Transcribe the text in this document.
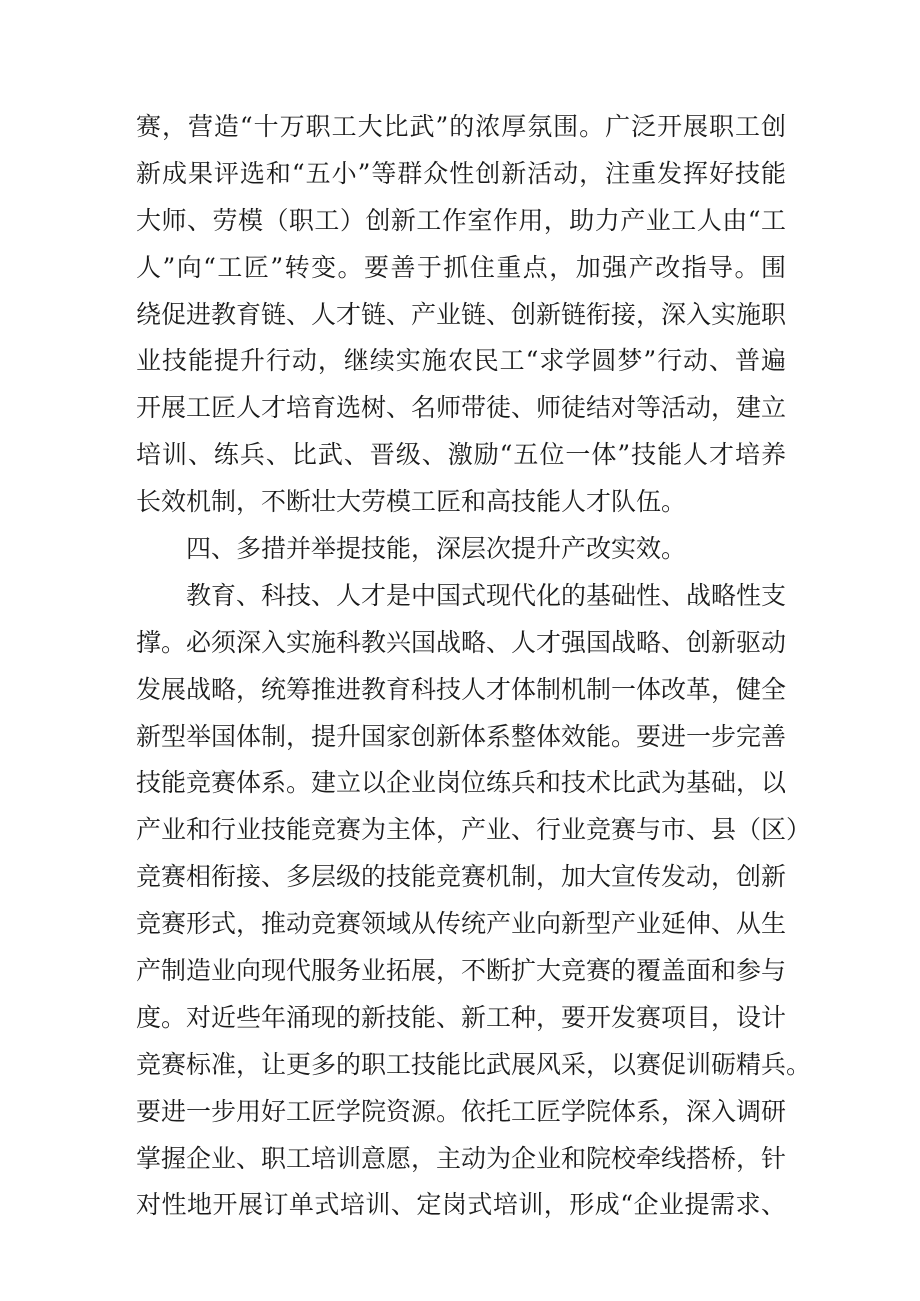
赛，营造“十万职工大比武”的浓厚氛围。广泛开展职工创
新成果评选和“五小”等群众性创新活动，注重发挥好技能
大师、劳模（职工）创新工作室作用，助力产业工人由“工
人”向“工匠”转变。要善于抓住重点，加强产改指导。围
绕促进教育链、人才链、产业链、创新链衔接，深入实施职
业技能提升行动，继续实施农民工“求学圆梦”行动、普遍
开展工匠人才培育选树、名师带徒、师徒结对等活动，建立
培训、练兵、比武、晋级、激励“五位一体”技能人才培养
长效机制，不断壮大劳模工匠和高技能人才队伍。
四、多措并举提技能，深层次提升产改实效。
教育、科技、人才是中国式现代化的基础性、战略性支
撑。必须深入实施科教兴国战略、人才强国战略、创新驱动
发展战略，统筹推进教育科技人才体制机制一体改革，健全
新型举国体制，提升国家创新体系整体效能。要进一步完善
技能竞赛体系。建立以企业岗位练兵和技术比武为基础，以
产业和行业技能竞赛为主体，产业、行业竞赛与市、县（区）
竞赛相衔接、多层级的技能竞赛机制，加大宣传发动，创新
竞赛形式，推动竞赛领域从传统产业向新型产业延伸、从生
产制造业向现代服务业拓展，不断扩大竞赛的覆盖面和参与
度。对近些年涌现的新技能、新工种，要开发赛项目，设计
竞赛标准，让更多的职工技能比武展风采，以赛促训砺精兵。
要进一步用好工匠学院资源。依托工匠学院体系，深入调研
掌握企业、职工培训意愿，主动为企业和院校牵线搭桥，针
对性地开展订单式培训、定岗式培训，形成“企业提需求、
